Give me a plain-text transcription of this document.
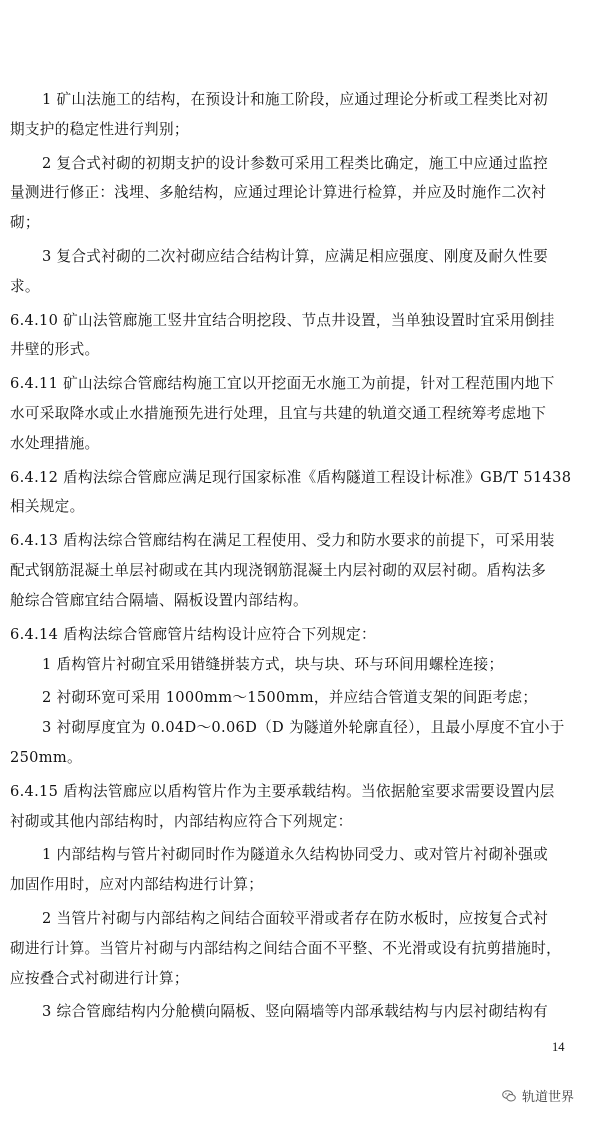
1 矿山法施工的结构，在预设计和施工阶段，应通过理论分析或工程类比对初
期支护的稳定性进行判别；
2 复合式衬砌的初期支护的设计参数可采用工程类比确定，施工中应通过监控
量测进行修正：浅埋、多舱结构，应通过理论计算进行检算，并应及时施作二次衬
砌；
3 复合式衬砌的二次衬砌应结合结构计算，应满足相应强度、刚度及耐久性要
求。
6.4.10 矿山法管廊施工竖井宜结合明挖段、节点井设置，当单独设置时宜采用倒挂
井壁的形式。
6.4.11 矿山法综合管廊结构施工宜以开挖面无水施工为前提，针对工程范围内地下
水可采取降水或止水措施预先进行处理，且宜与共建的轨道交通工程统筹考虑地下
水处理措施。
6.4.12 盾构法综合管廊应满足现行国家标准《盾构隧道工程设计标准》GB/T 51438
相关规定。
6.4.13 盾构法综合管廊结构在满足工程使用、受力和防水要求的前提下，可采用装
配式钢筋混凝土单层衬砌或在其内现浇钢筋混凝土内层衬砌的双层衬砌。盾构法多
舱综合管廊宜结合隔墙、隔板设置内部结构。
6.4.14 盾构法综合管廊管片结构设计应符合下列规定：
1 盾构管片衬砌宜采用错缝拼装方式，块与块、环与环间用螺栓连接；
2 衬砌环宽可采用 1000mm～1500mm，并应结合管道支架的间距考虑；
3 衬砌厚度宜为 0.04D～0.06D（D 为隧道外轮廓直径），且最小厚度不宜小于
250mm。
6.4.15 盾构法管廊应以盾构管片作为主要承载结构。当依据舱室要求需要设置内层
衬砌或其他内部结构时，内部结构应符合下列规定：
1 内部结构与管片衬砌同时作为隧道永久结构协同受力、或对管片衬砌补强或
加固作用时，应对内部结构进行计算；
2 当管片衬砌与内部结构之间结合面较平滑或者存在防水板时，应按复合式衬
砌进行计算。当管片衬砌与内部结构之间结合面不平整、不光滑或设有抗剪措施时，
应按叠合式衬砌进行计算；
3 综合管廊结构内分舱横向隔板、竖向隔墙等内部承载结构与内层衬砌结构有
14
轨道世界
